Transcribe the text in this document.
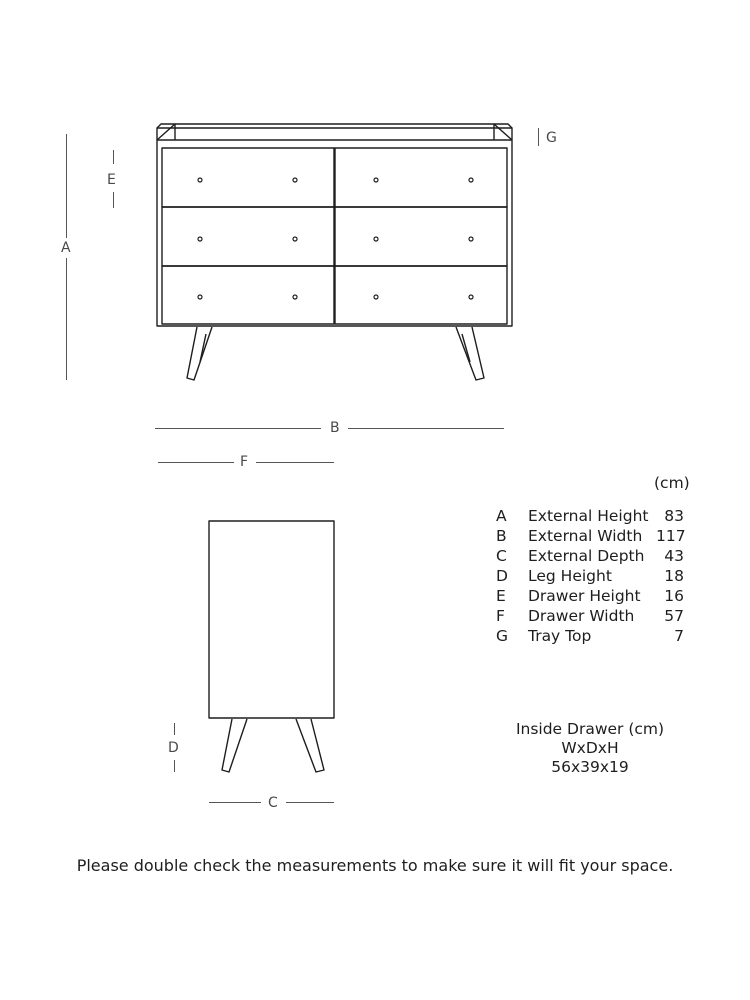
A
E
G
B
F
D
C
(cm)
A	External Height	83
B	External Width 117
C	External Depth	43
D	Leg Height	18
E	Drawer Height	16
F	Drawer Width	57
G	Tray Top	7
Inside Drawer (cm)
WxDxH
56x39x19
Please double check the measurements to make sure it will fit your space.
